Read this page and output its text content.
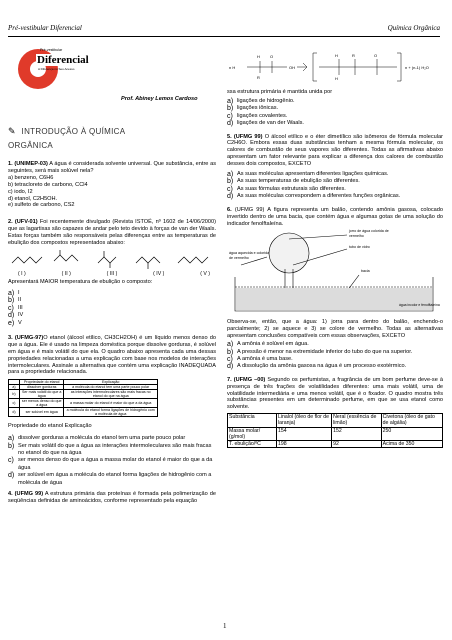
Pré-vestibular Diferencial	Química Orgânica
Pré-vestibular
Diferencial
A Diferença no Seu Acesso
Prof. Abiney Lemos Cardoso
✎ INTRODUÇÃO À QUÍMICA
ORGÂNICA
1. (UNIMEP-03) A água é considerada solvente universal. Que substância, entre as seguintes, será mais solúvel nela?
a) benzeno, C6H6
b) tetracloreto de carbono, CCl4
c) iodo, I2
d) etanol, C2H5OH.
e) sulfeto de carbono, CS2
2. (UFV-01) Foi recentemente divulgado (Revista ISTOÉ, nº 1602 de 14/06/2000) que as lagartixas são capazes de andar pelo teto devido à forças de van der Waals. Estas forças também são responsáveis pelas diferenças entre as temperaturas de ebulição dos compostos representados abaixo:
( I )	( II )	( III )	( IV )	( V )
Apresentará MAIOR temperatura de ebulição o composto:
a) I
b) II
c) III
d) IV
e) V
3. (UFMG-97)O etanol (álcool etílico, CH3CH2OH) é um líquido menos denso do que a água. Ele é usado na limpeza doméstica porque dissolve gorduras, é solúvel em água e é mais volátil do que ela. O quadro abaixo apresenta cada uma dessas propriedades relacionadas a uma explicação com base nos modelos de interações intermoleculares. Assinale a alternativa que contém uma explicação INADEQUADA para a propriedade relacionada.
	Propriedade do etanol	Explicação
a)	dissolver gorduras	a molécula do etanol tem uma parte pouco polar
b)	Ser mais volátil do que a água	as interações intermoleculares são mais fracas no etanol do que na água
c)	ser menos denso do que a água	a massa molar do etanol é maior do que a da água
d)	ser solúvel em água	a molécula do etanol forma ligações de hidrogênio com a molécula de água
Propriedade do etanol Explicação
a) dissolver gorduras a molécula do etanol tem uma parte pouco polar
b) Ser mais volátil do que a água as interações intermoleculares são mais fracas no etanol do que na água
c) ser menos denso do que a água a massa molar do etanol é maior do que a da água
d) ser solúvel em água a molécula do etanol forma ligações de hidrogênio com a molécula de água
4. (UFMG 99) A estrutura primária das proteínas é formada pela polimerização de seqüências definidas de aminoácidos, conforme representado pela equação
n H
H
R
O
OH
H
H
R	O
n + (n-1) H₂O
ssa estrutura primária é mantida unida por
a) ligações de hidrogênio.
b) ligações iônicas.
c) ligações covalentes.
d) ligações de van der Waals.
5. (UFMG 99) O álcool etílico e o éter dimetílico são isômeros de fórmula molecular C2H6O. Embora essas duas substâncias tenham a mesma fórmula molecular, os calores de combustão de seus vapores são diferentes. Todas as afirmativas abaixo apresentam um fator relevante para explicar a diferença dos calores de combustão desses dois compostos, EXCETO
a) As suas moléculas apresentam diferentes ligações químicas.
b) As suas temperaturas de ebulição são diferentes.
c) As suas fórmulas estruturais são diferentes.
d) As suas moléculas correspondem a diferentes funções orgânicas.
6. (UFMG 99) A figura representa um balão, contendo amônia gasosa, colocado invertido dentro de uma bacia, que contém água e algumas gotas de uma solução do indicador fenolftaleína.
jorro de água colorida de vermelho
tubo de vidro
água aquecida e colorida de vermelho
bacia
água incolor e fenolftaleína
Observa-se, então, que a água: 1) jorra para dentro do balão, enchendo-o parcialmente; 2) se aquece e 3) se colore de vermelho. Todas as alternativas apresentam conclusões compatíveis com essas observações, EXCETO
a) A amônia é solúvel em água.
b) A pressão é menor na extremidade inferior do tubo do que na superior.
c) A amônia é uma base.
d) A dissolução da amônia gasosa na água é um processo exotérmico.
7. (UFMG –00) Segundo os perfumistas, a fragrância de um bom perfume deve-se à presença de três frações de volatilidades diferentes: uma mais volátil, uma de volatilidade intermediária e uma menos volátil, que é o fixador. O quadro mostra três substâncias presentes em um determinado perfume, em que se usa etanol como solvente.
Substância	Linalol (óleo de flor de laranja)	Neral (essência de limão)	Civetona (óleo de gato de algália)
Massa molar/ (g/mol)	154	152	250
T. ebulição/ºC	198	92	Acima de 350
1
